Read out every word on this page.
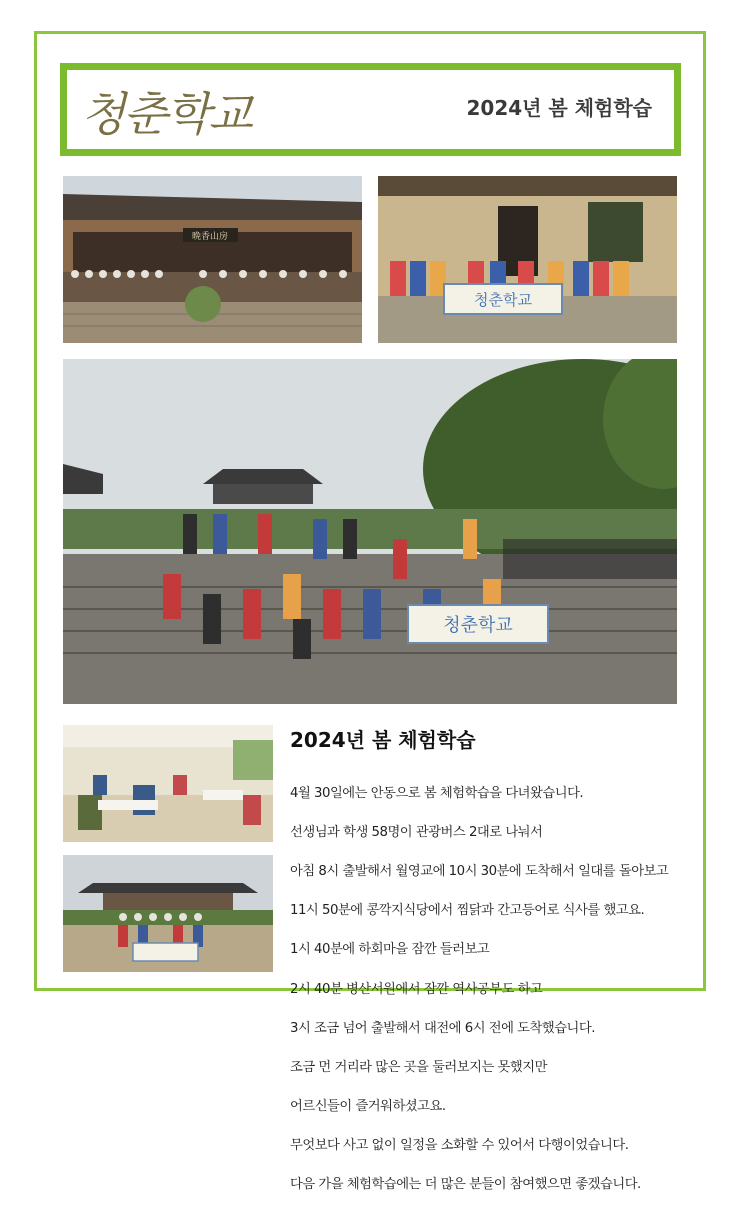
청춘학교	2024년 봄 체험학습
晩香山房
청춘학교
청춘학교
2024년 봄 체험학습

4월 30일에는 안동으로 봄 체험학습을 다녀왔습니다.

선생님과 학생 58명이 관광버스 2대로 나눠서

아침 8시 출발해서 월영교에 10시 30분에 도착해서 일대를 돌아보고

11시 50분에 콩깍지식당에서 찜닭과 간고등어로 식사를 했고요.

1시 40분에 하회마을 잠깐 들러보고

2시 40분 병산서원에서 잠깐 역사공부도 하고

3시 조금 넘어 출발해서 대전에 6시 전에 도착했습니다.

조금 먼 거리라 많은 곳을 둘러보지는 못했지만

어르신들이 즐거워하셨고요.

무엇보다 사고 없이 일정을 소화할 수 있어서 다행이었습니다.

다음 가을 체험학습에는 더 많은 분들이 참여했으면 좋겠습니다.
